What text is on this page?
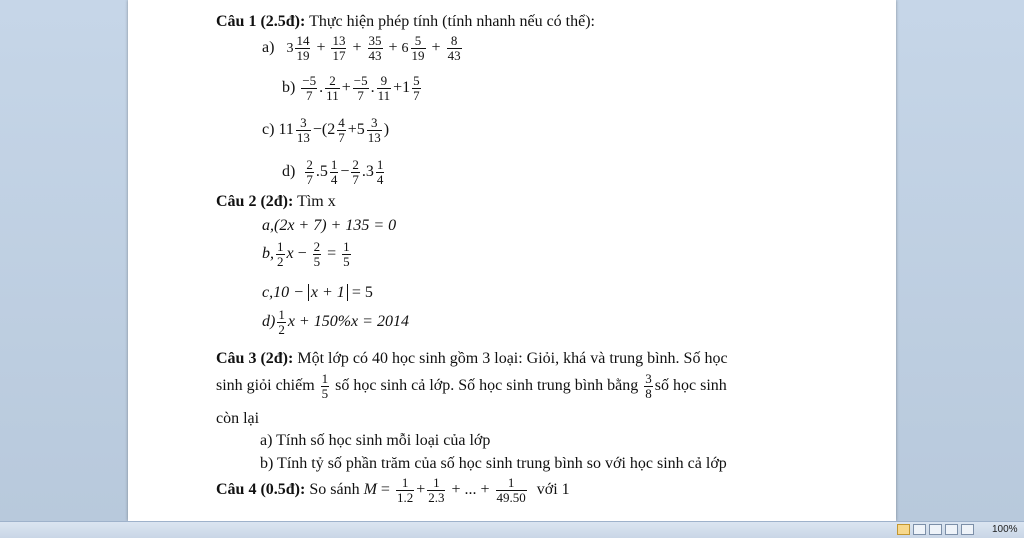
Câu 1 (2.5đ): Thực hiện phép tính (tính nhanh nếu có thể):
a) $3 \frac{14}{19} + \frac{13}{17} + \frac{35}{43} + 6 \frac{5}{19} + \frac{8}{43}$
$b) \frac{-5}{7}$ . $\frac{2}{11} + \frac{-5}{7}$ . $\frac{9}{11} +1 \frac{5}{7}$
c) $11 \frac{3}{13} -(2 \frac{4}{7} +5 \frac{3}{13}$ )
$d) \frac{2}{7} .5 \frac{1}{4} - \frac{2}{7} .3 \frac{1}{4}$
Câu 2 (2đ): Tìm x
a,(2x + 7) + 135 = 0
b, $\frac{1}{2}$ $x - \frac{2}{5} = \frac{1}{5}$
c,10 − x + 1 = 5
$d) \frac{1}{2}$ x + 150%x = 2014
Câu 3 (2đ): Một lớp có 40 học sinh gồm 3 loại: Giỏi, khá và trung bình. Số học
sinh giỏi chiếm $\frac{1}{5}$ số học sinh cả lớp. Số học sinh trung bình bằng $\frac{3}{8}$ số học sinh
còn lại
a) Tính số học sinh mỗi loại của lớp
b) Tính tỷ số phần trăm của số học sinh trung bình so với học sinh cả lớp
Câu 4 (0.5đ): So sánh $M = \frac{1}{1.2} + \frac{1}{2.3}$ + ... + $\frac{1}{49.50}$ với 1
100%
